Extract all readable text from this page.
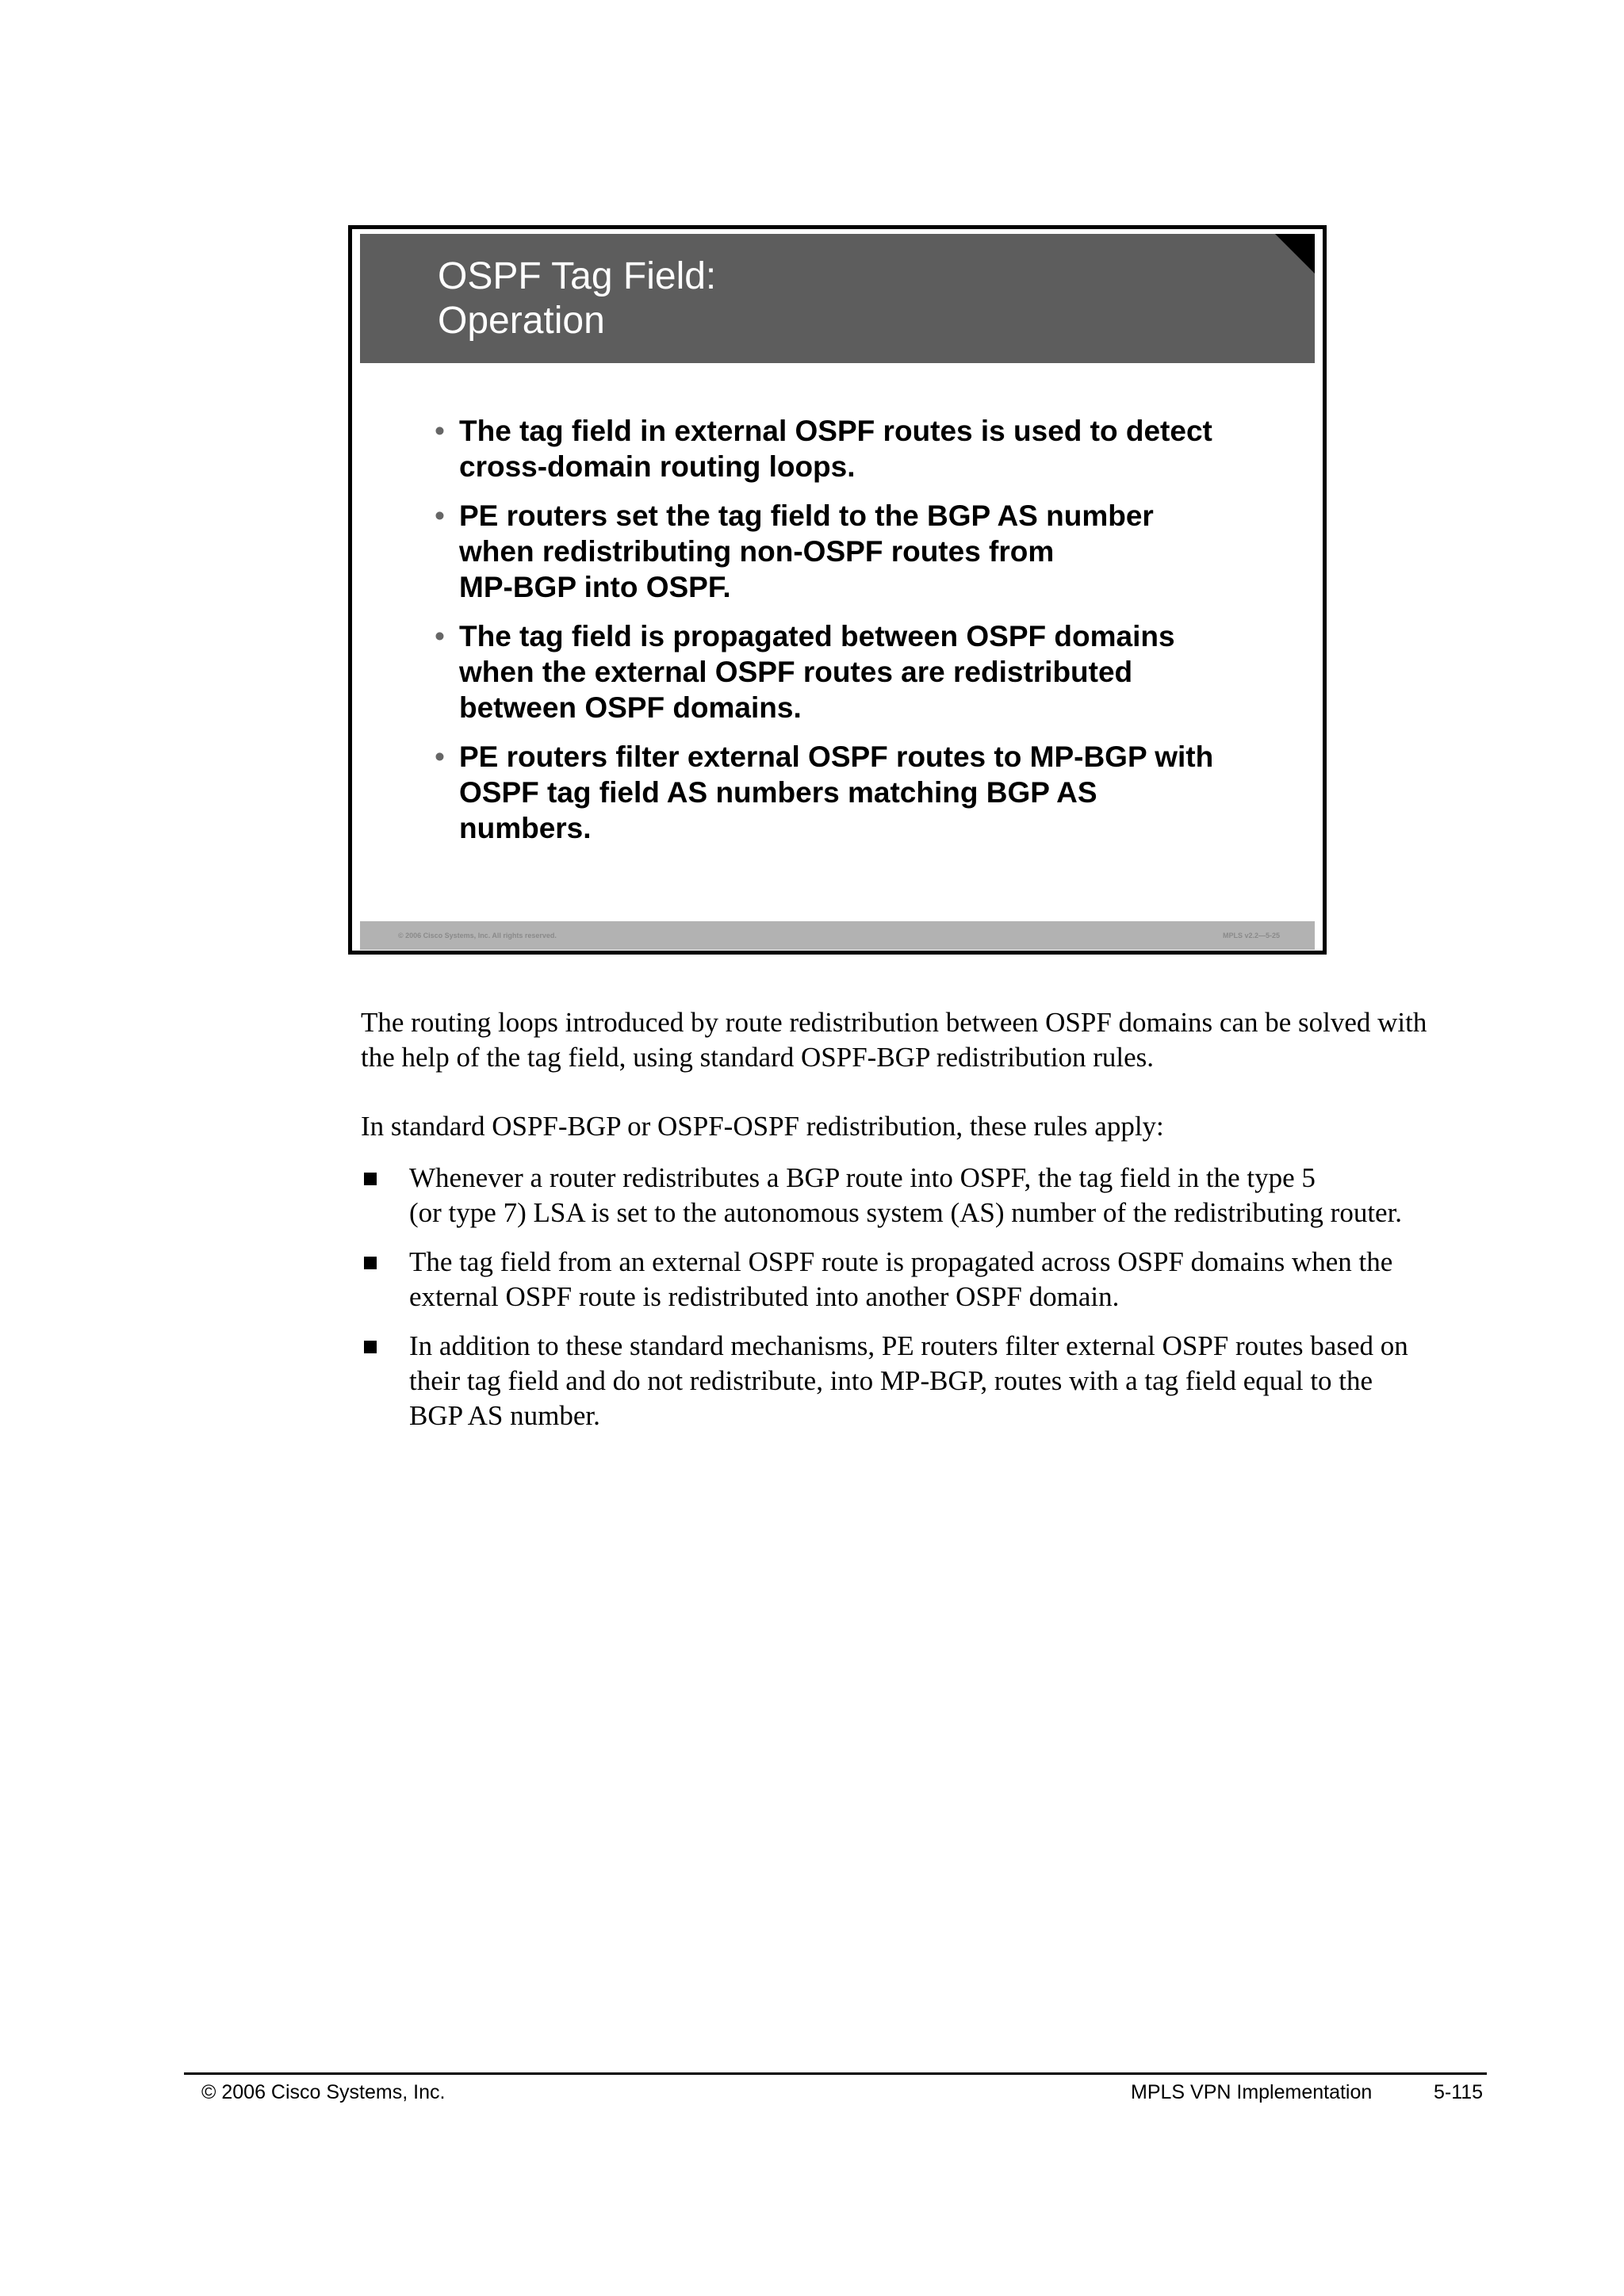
OSPF Tag Field:
Operation
• The tag field in external OSPF routes is used to detect
cross-domain routing loops.
• PE routers set the tag field to the BGP AS number
when redistributing non-OSPF routes from
MP-BGP into OSPF.
• The tag field is propagated between OSPF domains
when the external OSPF routes are redistributed
between OSPF domains.
• PE routers filter external OSPF routes to MP-BGP with
OSPF tag field AS numbers matching BGP AS
numbers.
© 2006 Cisco Systems, Inc. All rights reserved.	MPLS v2.2—5-25
The routing loops introduced by route redistribution between OSPF domains can be solved with
the help of the tag field, using standard OSPF-BGP redistribution rules.

In standard OSPF-BGP or OSPF-OSPF redistribution, these rules apply:

Whenever a router redistributes a BGP route into OSPF, the tag field in the type 5
(or type 7) LSA is set to the autonomous system (AS) number of the redistributing router.
The tag field from an external OSPF route is propagated across OSPF domains when the
external OSPF route is redistributed into another OSPF domain.
In addition to these standard mechanisms, PE routers filter external OSPF routes based on
their tag field and do not redistribute, into MP-BGP, routes with a tag field equal to the
BGP AS number.
© 2006 Cisco Systems, Inc.	MPLS VPN Implementation	5-115
